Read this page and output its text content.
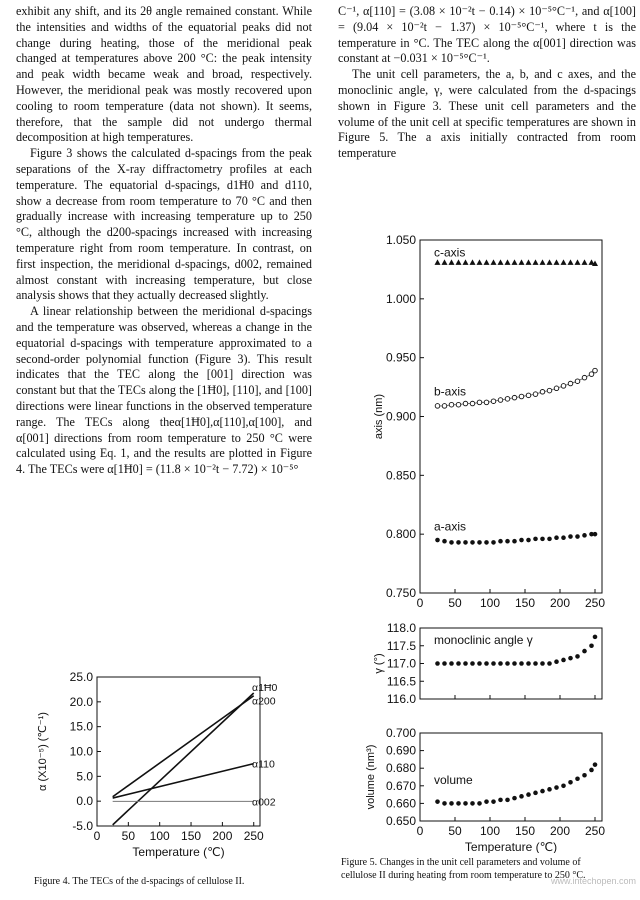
exhibit any shift, and its 2θ angle remained constant. While the intensities and widths of the equatorial peaks did not change during heating, those of the meridional peak changed at temperatures above 200 °C: the peak intensity and peak width became weak and broad, respectively. However, the meridional peak was mostly recovered upon cooling to room temperature (data not shown). It seems, therefore, that the sample did not undergo thermal decomposition at high temperatures.

Figure 3 shows the calculated d-spacings from the peak separations of the X-ray diffractometry profiles at each temperature. The equatorial d-spacings, d1Ħ0 and d110, show a decrease from room temperature to 70 °C and then gradually increase with increasing temperature up to 250 °C, although the d200-spacings increased with increasing temperature right from room temperature. In contrast, on first inspection, the meridional d-spacings, d002, remained almost constant with increasing temperature, but close analysis shows that they actually decreased slightly.

A linear relationship between the meridional d-spacings and the temperature was observed, whereas a change in the equatorial d-spacings with temperature approximated to a second-order polynomial function (Figure 3). This result indicates that the TEC along the [001] direction was constant but that the TECs along the [1Ħ0], [110], and [100] directions were linear functions in the observed temperature range. The TECs along theα[1Ħ0],α[110],α[100], and α[001] directions from room temperature to 250 °C were calculated using Eq. 1, and the results are plotted in Figure 4. The TECs were α[1Ħ0] = (11.8 × 10⁻²t − 7.72) × 10⁻⁵°

C⁻¹, α[110] = (3.08 × 10⁻²t − 0.14) × 10⁻⁵°C⁻¹, and α[100] = (9.04 × 10⁻²t − 1.37) × 10⁻⁵°C⁻¹, where t is the temperature in °C. The TEC along the α[001] direction was constant at −0.031 × 10⁻⁵°C⁻¹.

The unit cell parameters, the a, b, and c axes, and the monoclinic angle, γ, were calculated from the d-spacings shown in Figure 3. These unit cell parameters and the volume of the unit cell at specific temperatures are shown in Figure 5. The a axis initially contracted from room temperature

-5.0
0.0
5.0
10.0
15.0
20.0
25.0
0 50 100 150 200 250
α (X10⁻⁵) (℃⁻¹)
Temperature (℃)
α1Ħ0
α200
α110
α002
Figure 4. The TECs of the d-spacings of cellulose II.
0.750
0.800
0.850
0.900
0.950
1.000
1.050
0 50 100 150 200 250
axis (nm)
c-axis
b-axis
a-axis
116.0
116.5
117.0
117.5
118.0
γ (°)
monoclinic angle γ
0.650
0.660
0.670
0.680
0.690
0.700
0 50 100 150 200 250
volume (nm³)
Temperature (℃)
volume
Figure 5. Changes in the unit cell parameters and volume of
cellulose II during heating from room temperature to 250 °C.
www.intechopen.com
